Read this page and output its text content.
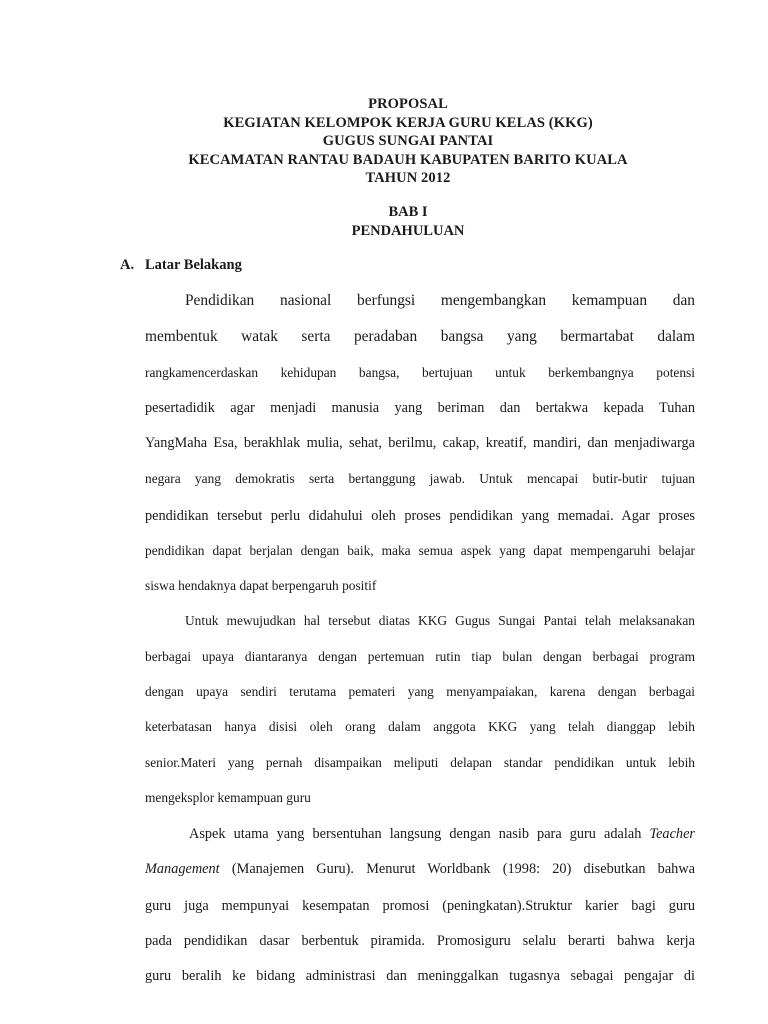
PROPOSAL
KEGIATAN KELOMPOK KERJA GURU KELAS (KKG)
GUGUS SUNGAI PANTAI
KECAMATAN RANTAU BADAUH KABUPATEN BARITO KUALA
TAHUN 2012
BAB I
PENDAHULUAN
A. Latar Belakang
Pendidikan nasional berfungsi mengembangkan kemampuan dan
membentuk watak serta peradaban bangsa yang bermartabat dalam
rangkamencerdaskan kehidupan bangsa, bertujuan untuk berkembangnya potensi
pesertadidik agar menjadi manusia yang beriman dan bertakwa kepada Tuhan
YangMaha Esa, berakhlak mulia, sehat, berilmu, cakap, kreatif, mandiri, dan menjadiwarga
negara yang demokratis serta bertanggung jawab. Untuk mencapai butir-butir tujuan
pendidikan tersebut perlu didahului oleh proses pendidikan yang memadai. Agar proses
pendidikan dapat berjalan dengan baik, maka semua aspek yang dapat mempengaruhi belajar
siswa hendaknya dapat berpengaruh positif
Untuk mewujudkan hal tersebut diatas KKG Gugus Sungai Pantai telah melaksanakan
berbagai upaya diantaranya dengan pertemuan rutin tiap bulan dengan berbagai program
dengan upaya sendiri terutama pemateri yang menyampaiakan, karena dengan berbagai
keterbatasan hanya disisi oleh orang dalam anggota KKG yang telah dianggap lebih
senior.Materi yang pernah disampaikan meliputi delapan standar pendidikan untuk lebih
mengeksplor kemampuan guru
Aspek utama yang bersentuhan langsung dengan nasib para guru adalah Teacher
Management (Manajemen Guru). Menurut Worldbank (1998: 20) disebutkan bahwa
guru juga mempunyai kesempatan promosi (peningkatan).Struktur karier bagi guru
pada pendidikan dasar berbentuk piramida. Promosiguru selalu berarti bahwa kerja
guru beralih ke bidang administrasi dan meninggalkan tugasnya sebagai pengajar di
